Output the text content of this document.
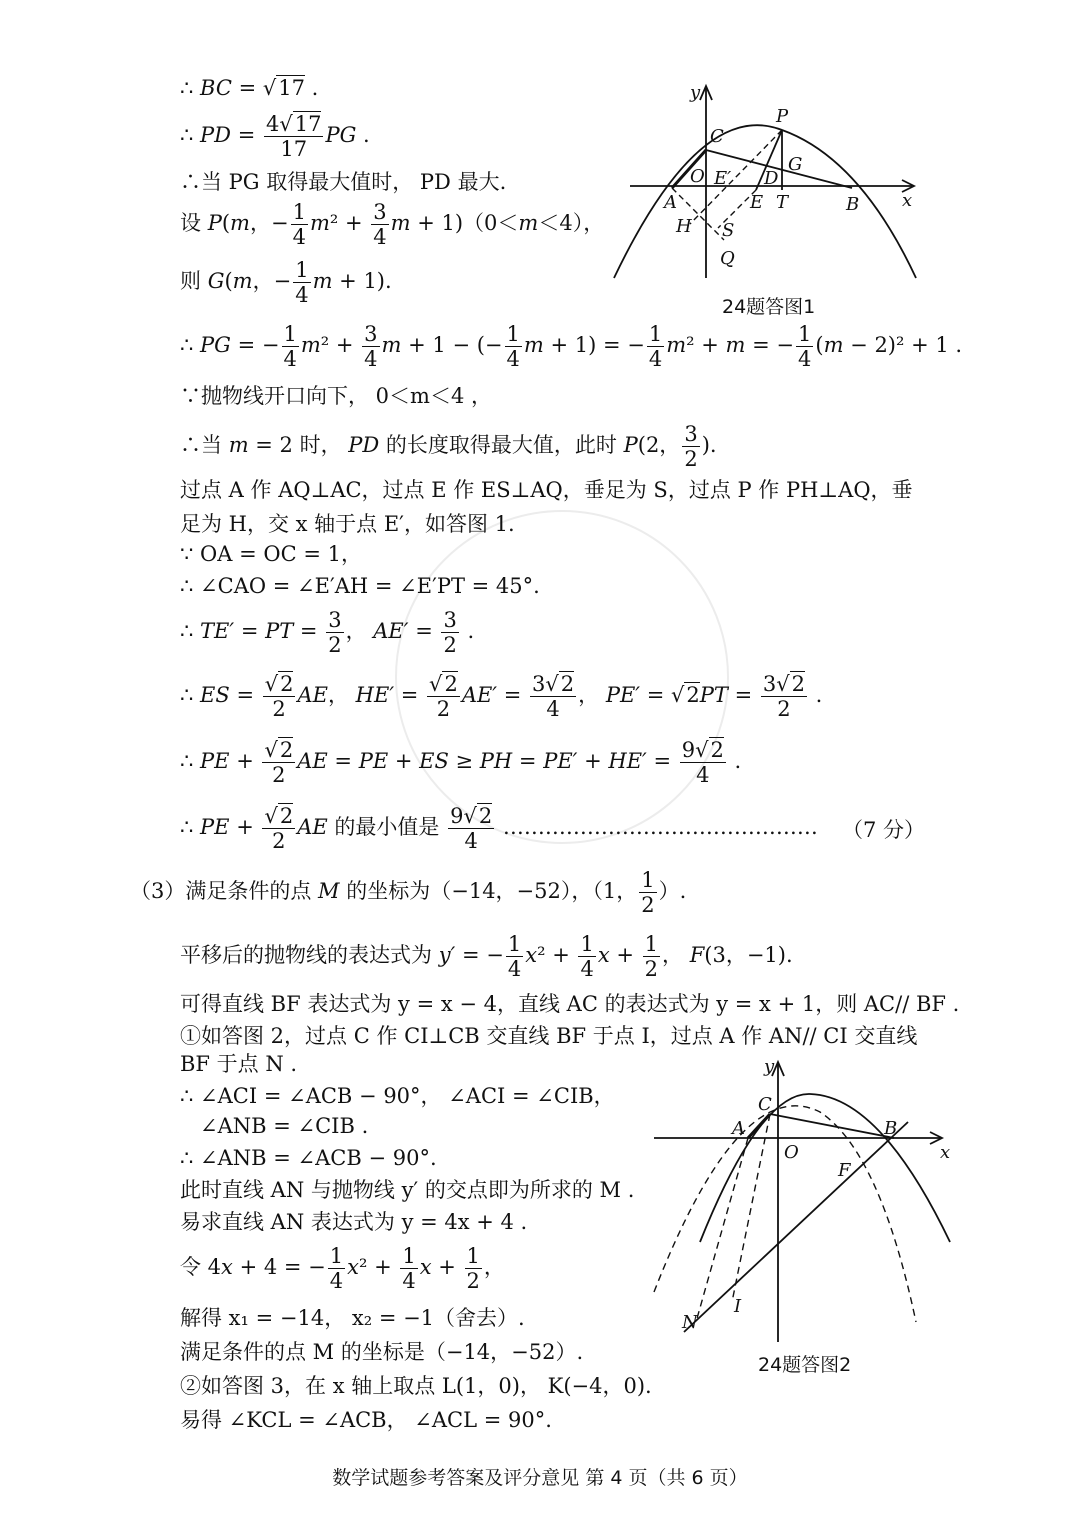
∴ BC = √17 .
∴ PD = $\frac{4√17}{17}$ PG .
∴当 PG 取得最大值时， PD 最大.
设 P(m，− $\frac{1}{4} m^2 + \frac{3}{4}$ m + 1)（0＜m＜4），
则 G(m，− $\frac{1}{4}$ m + 1).
∴ PG = − $\frac{1}{4} m^2 + \frac{3}{4}$ m + 1 − (− $\frac{1}{4}$ m + 1) = − $\frac{1}{4} m^2 + m$ = − $\frac{1}{4} (m - 2)^2 + 1$ .
∵抛物线开口向下， 0＜m＜4 ，
∴当 m = 2 时， PD 的长度取得最大值，此时 P(2， $\frac{3}{2}$ ).
过点 A 作 AQ⊥AC，过点 E 作 ES⊥AQ，垂足为 S，过点 P 作 PH⊥AQ，垂
足为 H，交 x 轴于点 E′，如答图 1.
∵ OA = OC = 1，
∴ ∠CAO = ∠E′AH = ∠E′PT = 45°.
∴ TE′ = PT = $\frac{3}{2}$ ， $AE' = \frac{3}{2}$ .
∴ ES = $\frac{√2}{2}$ AE， $HE' = \frac{√2}{2} AE' = \frac{3√2}{4}$ ， $PE' = √2PT = \frac{3√2}{2}$ .
∴ PE + $\frac{√2}{2}$ AE = PE + ES ≥ PH = $PE' + HE' = \frac{9√2}{4}$ .
∴ PE + $\frac{√2}{2}$ AE 的最小值是 $\frac{9√2}{4}$ ……………………………………… （7 分）
（3）满足条件的点 M 的坐标为（−14，−52），（1， $\frac{1}{2}$ ）.
平移后的抛物线的表达式为 y′ = − $\frac{1}{4} x^2 + \frac{1}{4}$ $x + \frac{1}{2}$ ， F(3，−1).
可得直线 BF 表达式为 y = x − 4，直线 AC 的表达式为 y = x + 1，则 AC// BF .
①如答图 2，过点 C 作 CI⊥CB 交直线 BF 于点 I，过点 A 作 AN// CI 交直线
BF 于点 N .
∴ ∠ACI = ∠ACB − 90°， ∠ACI = ∠CIB，
∠ANB = ∠CIB .
∴ ∠ANB = ∠ACB − 90°.
此时直线 AN 与抛物线 y′ 的交点即为所求的 M .
易求直线 AN 表达式为 y = 4x + 4 .
令 4x + 4 = − $\frac{1}{4} x^2 + \frac{1}{4}$ $x + \frac{1}{2}$ ，
解得 x₁ = −14， x₂ = −1（舍去）.
满足条件的点 M 的坐标是（−14，−52）.
②如答图 3，在 x 轴上取点 L(1，0)， K(−4，0).
易得 ∠KCL = ∠ACB， ∠ACL = 90°.
y
x
P
C
G
O E′ D
A	E T	B
H S
Q
24题答图1
y
x
C
A
O
B
F
I
N
24题答图2
数学试题参考答案及评分意见 第 4 页（共 6 页）
